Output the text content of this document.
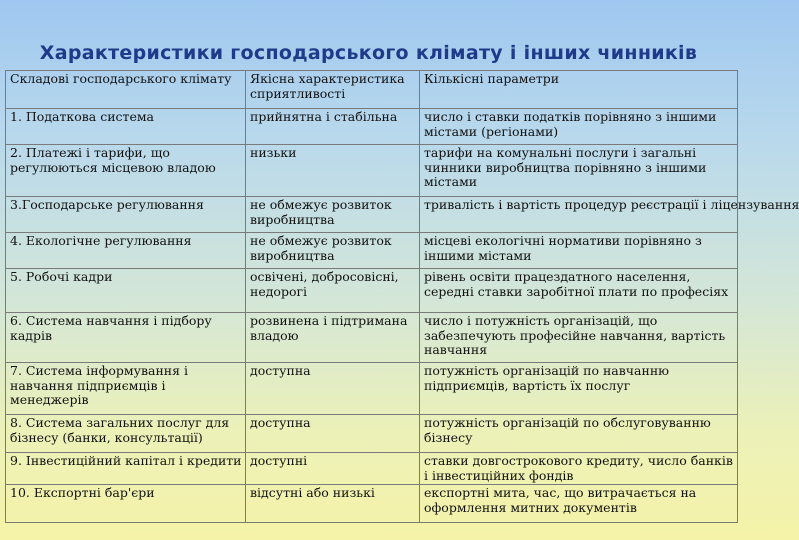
Характеристики господарського клімату і інших чинників
Складові господарського клімату	Якісна характеристика сприятливості	Кількісні параметри
1. Податкова система	прийнятна і стабільна	число і ставки податків порівняно з іншими містами (регіонами)
2. Платежі і тарифи, що регулюються місцевою владою	низьки	тарифи на комунальні послуги і загальні чинники виробництва порівняно з іншими містами
3.Господарське регулювання	не обмежує розвиток виробництва	тривалість і вартість процедур реєстрації і ліцензування
4. Екологічне регулювання	не обмежує розвиток виробництва	місцеві екологічні нормативи порівняно з іншими містами
5. Робочі кадри	освічені, добросовісні, недорогі	рівень освіти працездатного населення, середні ставки заробітної плати по професіях
6. Система навчання і підбору кадрів	розвинена і підтримана владою	число і потужність організацій, що забезпечують професійне навчання, вартість навчання
7. Система інформування і навчання підприємців і менеджерів	доступна	потужність організацій по навчанню підприємців, вартість їх послуг
8. Система загальних послуг для бізнесу (банки, консультації)	доступна	потужність організацій по обслуговуванню бізнесу
9. Інвестиційний капітал і кредити	доступні	ставки довгострокового кредиту, число банків і інвестиційних фондів
10. Експортні бар'єри	відсутні або низькі	експортні мита, час, що витрачається на оформлення митних документів
